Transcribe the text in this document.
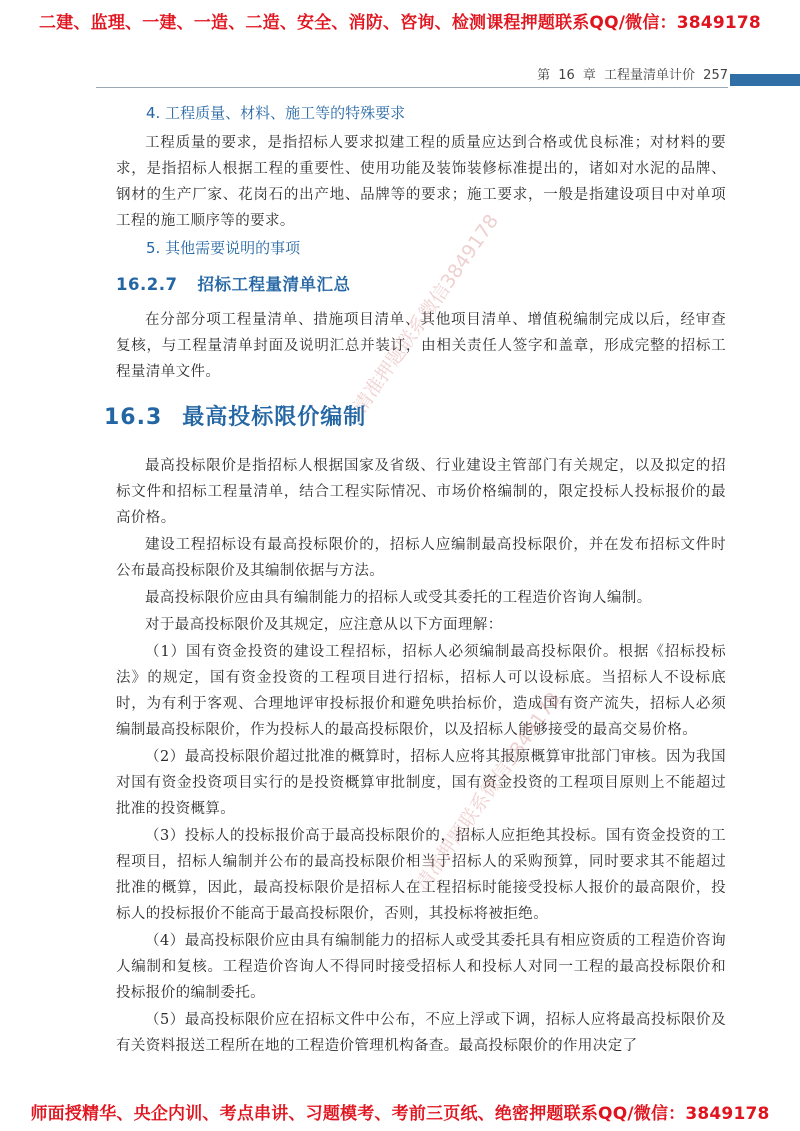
二建、监理、一建、一造、二造、安全、消防、咨询、检测课程押题联系QQ/微信：3849178
第 16 章 工程量清单计价 257
4. 工程质量、材料、施工等的特殊要求

工程质量的要求，是指招标人要求拟建工程的质量应达到合格或优良标准；对材料的要求，是指招标人根据工程的重要性、使用功能及装饰装修标准提出的，诸如对水泥的品牌、钢材的生产厂家、花岗石的出产地、品牌等的要求；施工要求，一般是指建设项目中对单项工程的施工顺序等的要求。

5. 其他需要说明的事项
16.2.7 招标工程量清单汇总

在分部分项工程量清单、措施项目清单、其他项目清单、增值税编制完成以后，经审查复核，与工程量清单封面及说明汇总并装订，由相关责任人签字和盖章，形成完整的招标工程量清单文件。

16.3 最高投标限价编制

最高投标限价是指招标人根据国家及省级、行业建设主管部门有关规定，以及拟定的招标文件和招标工程量清单，结合工程实际情况、市场价格编制的，限定投标人投标报价的最高价格。

建设工程招标设有最高投标限价的，招标人应编制最高投标限价，并在发布招标文件时公布最高投标限价及其编制依据与方法。

最高投标限价应由具有编制能力的招标人或受其委托的工程造价咨询人编制。

对于最高投标限价及其规定，应注意从以下方面理解：

（1）国有资金投资的建设工程招标，招标人必须编制最高投标限价。根据《招标投标法》的规定，国有资金投资的工程项目进行招标，招标人可以设标底。当招标人不设标底时，为有利于客观、合理地评审投标报价和避免哄抬标价，造成国有资产流失，招标人必须编制最高投标限价，作为投标人的最高投标限价，以及招标人能够接受的最高交易价格。

（2）最高投标限价超过批准的概算时，招标人应将其报原概算审批部门审核。因为我国对国有资金投资项目实行的是投资概算审批制度，国有资金投资的工程项目原则上不能超过批准的投资概算。

（3）投标人的投标报价高于最高投标限价的，招标人应拒绝其投标。国有资金投资的工程项目，招标人编制并公布的最高投标限价相当于招标人的采购预算，同时要求其不能超过批准的概算，因此，最高投标限价是招标人在工程招标时能接受投标人报价的最高限价，投标人的投标报价不能高于最高投标限价，否则，其投标将被拒绝。

（4）最高投标限价应由具有编制能力的招标人或受其委托具有相应资质的工程造价咨询人编制和复核。工程造价咨询人不得同时接受招标人和投标人对同一工程的最高投标限价和投标报价的编制委托。

（5）最高投标限价应在招标文件中公布，不应上浮或下调，招标人应将最高投标限价及有关资料报送工程所在地的工程造价管理机构备查。最高投标限价的作用决定了

清准押题联系微信3849178
清准押题联系微信3849178
师面授精华、央企内训、考点串讲、习题模考、考前三页纸、绝密押题联系QQ/微信：3849178
